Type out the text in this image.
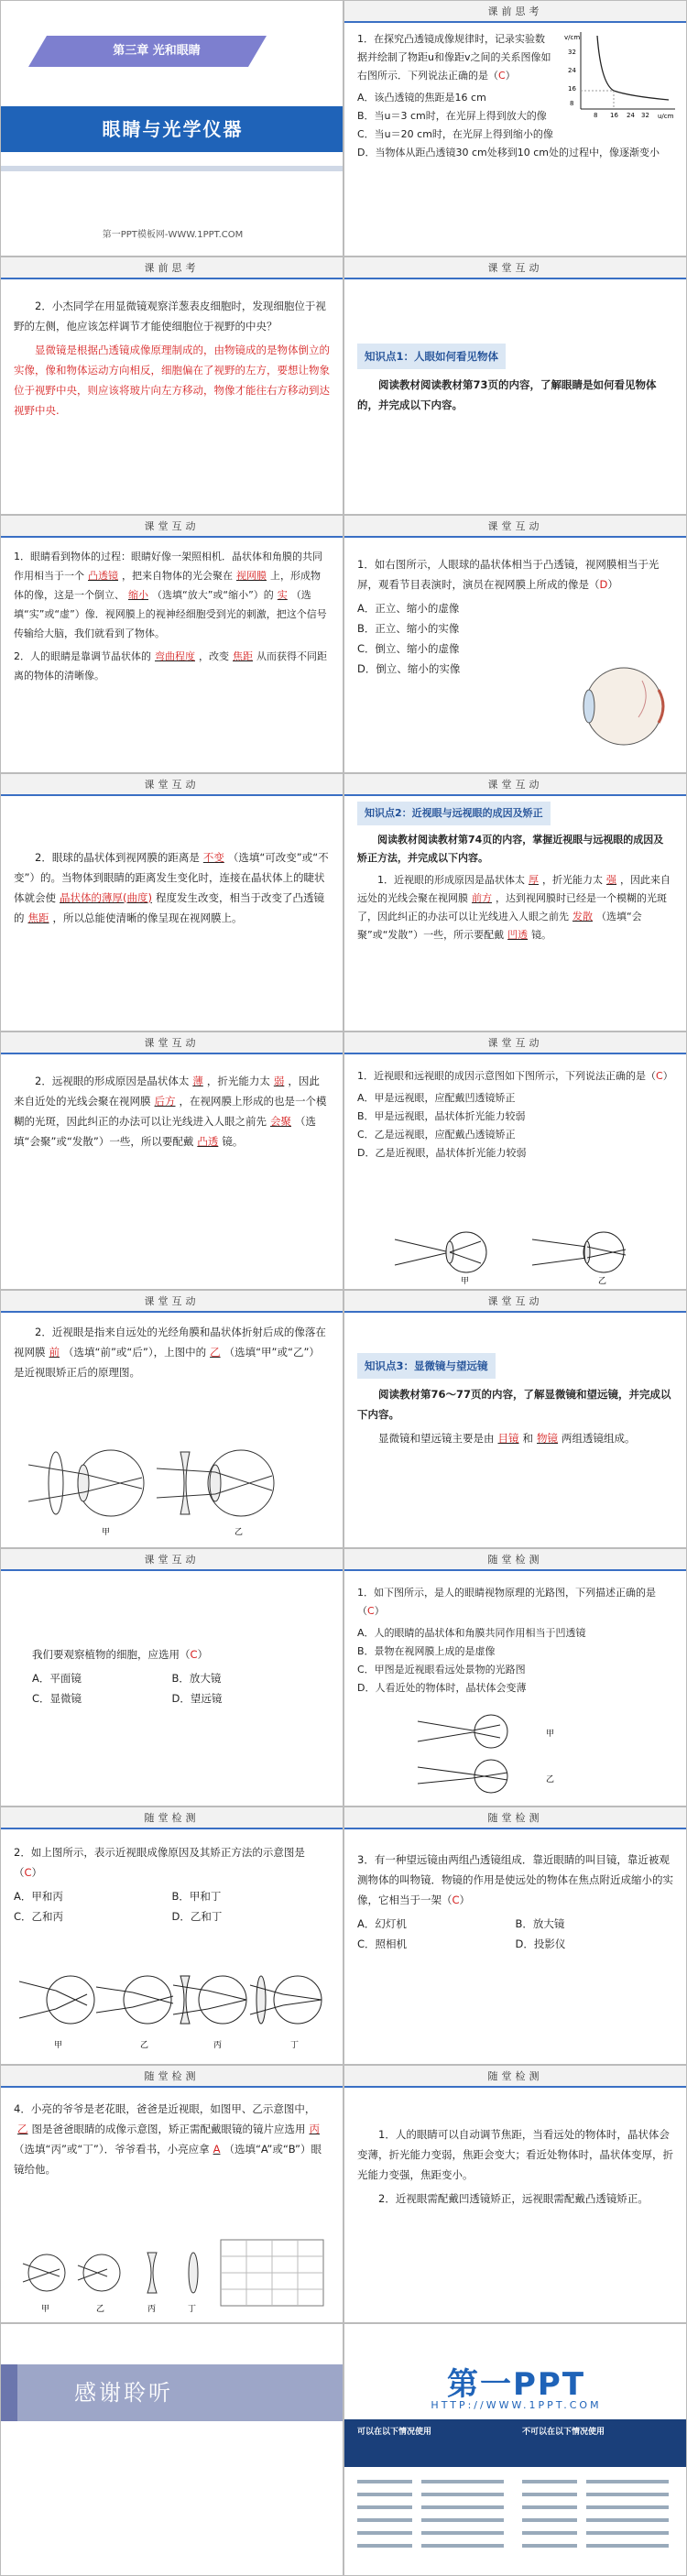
第三章 光和眼睛
眼睛与光学仪器
第一PPT模板网-WWW.1PPT.COM
课前思考

1．在探究凸透镜成像规律时，记录实验数据并绘制了物距u和像距v之间的关系图像如右图所示．下列说法正确的是（C）

A．该凸透镜的焦距是16 cm

B．当u＝3 cm时，在光屏上得到放大的像

C．当u＝20 cm时，在光屏上得到缩小的像

D．当物体从距凸透镜30 cm处移到10 cm处的过程中，像逐渐变小

v/cm
u/cm
32
24
16
8
8 16 24 32
课前思考

2．小杰同学在用显微镜观察洋葱表皮细胞时，发现细胞位于视野的左侧，他应该怎样调节才能使细胞位于视野的中央？

显微镜是根据凸透镜成像原理制成的，由物镜成的是物体倒立的实像，像和物体运动方向相反，细胞偏在了视野的左方，要想让物象位于视野中央，则应该将玻片向左方移动，物像才能往右方移动到达视野中央.

课堂互动
知识点1：人眼如何看见物体

阅读教材阅读教材第73页的内容，了解眼睛是如何看见物体的，并完成以下内容。

课堂互动

1．眼睛看到物体的过程：眼睛好像一架照相机．晶状体和角膜的共同作用相当于一个 凸透镜 ，把来自物体的光会聚在 视网膜 上，形成物体的像，这是一个倒立、 缩小 （选填“放大”或“缩小”）的 实 （选填“实”或“虚”）像．视网膜上的视神经细胞受到光的刺激，把这个信号传输给大脑，我们就看到了物体。

2．人的眼睛是靠调节晶状体的 弯曲程度 ，改变 焦距 从而获得不同距离的物体的清晰像。

课堂互动

1．如右图所示，人眼球的晶状体相当于凸透镜，视网膜相当于光屏，观看节目表演时，演员在视网膜上所成的像是（D）

A．正立、缩小的虚像

B．正立、缩小的实像

C．倒立、缩小的虚像

D．倒立、缩小的实像

课堂互动

2．眼球的晶状体到视网膜的距离是 不变 （选填“可改变”或“不变”）的。当物体到眼睛的距离发生变化时，连接在晶状体上的睫状体就会使 晶状体的薄厚(曲度) 程度发生改变，相当于改变了凸透镜的 焦距 ，所以总能使清晰的像呈现在视网膜上。

课堂互动
知识点2：近视眼与远视眼的成因及矫正

阅读教材阅读教材第74页的内容，掌握近视眼与远视眼的成因及矫正方法，并完成以下内容。

1．近视眼的形成原因是晶状体太 厚 ，折光能力太 强 ，因此来自远处的光线会聚在视网膜 前方 ，达到视网膜时已经是一个模糊的光斑了，因此纠正的办法可以让光线进入人眼之前先 发散 （选填“会聚”或“发散”）一些，所示要配戴 凹透 镜。

课堂互动

2．远视眼的形成原因是晶状体太 薄 ，折光能力太 弱 ，因此来自近处的光线会聚在视网膜 后方 ，在视网膜上形成的也是一个模糊的光斑，因此纠正的办法可以让光线进入人眼之前先 会聚 （选填“会聚”或“发散”）一些，所以要配戴 凸透 镜。

课堂互动

1．近视眼和远视眼的成因示意图如下图所示，下列说法正确的是（C）

A．甲是远视眼，应配戴凹透镜矫正

B．甲是远视眼，晶状体折光能力较弱

C．乙是远视眼，应配戴凸透镜矫正

D．乙是近视眼，晶状体折光能力较弱

甲	乙
课堂互动

2．近视眼是指来自远处的光经角膜和晶状体折射后成的像落在视网膜 前 （选填“前”或“后”），上图中的 乙 （选填“甲”或“乙”）是近视眼矫正后的原理图。

甲	乙
课堂互动
知识点3：显微镜与望远镜

阅读教材第76～77页的内容，了解显微镜和望远镜，并完成以下内容。

显微镜和望远镜主要是由 目镜 和 物镜 两组透镜组成。

课堂互动

我们要观察植物的细胞，应选用（C）

A．平面镜	B．放大镜

C．显微镜	D．望远镜

随堂检测

1．如下图所示，是人的眼睛视物原理的光路图，下列描述正确的是（C）

A．人的眼睛的晶状体和角膜共同作用相当于凹透镜

B．景物在视网膜上成的是虚像

C．甲图是近视眼看远处景物的光路图

D．人看近处的物体时，晶状体会变薄

甲
乙
随堂检测

2．如上图所示，表示近视眼成像原因及其矫正方法的示意图是（C）

A．甲和丙	B．甲和丁

C．乙和丙	D．乙和丁

甲	乙	丙	丁
随堂检测

3．有一种望远镜由两组凸透镜组成．靠近眼睛的叫目镜，靠近被观测物体的叫物镜．物镜的作用是使远处的物体在焦点附近成缩小的实像，它相当于一架（C）

A．幻灯机	B．放大镜

C．照相机	D．投影仪

随堂检测

4．小亮的爷爷是老花眼，爸爸是近视眼，如图甲、乙示意图中，乙 图是爸爸眼睛的成像示意图，矫正需配戴眼镜的镜片应选用 丙（选填“丙”或“丁”）．爷爷看书，小亮应拿 A （选填“A”或“B”）眼镜给他。

甲	乙	丙	丁
随堂检测

1．人的眼睛可以自动调节焦距，当看远处的物体时，晶状体会变薄，折光能力变弱，焦距会变大；看近处物体时，晶状体变厚，折光能力变强，焦距变小。

2．近视眼需配戴凹透镜矫正，远视眼需配戴凸透镜矫正。

感谢聆听	第一PPT
HTTP://WWW.1PPT.COM
可以在以下情况使用	不可以在以下情况使用
